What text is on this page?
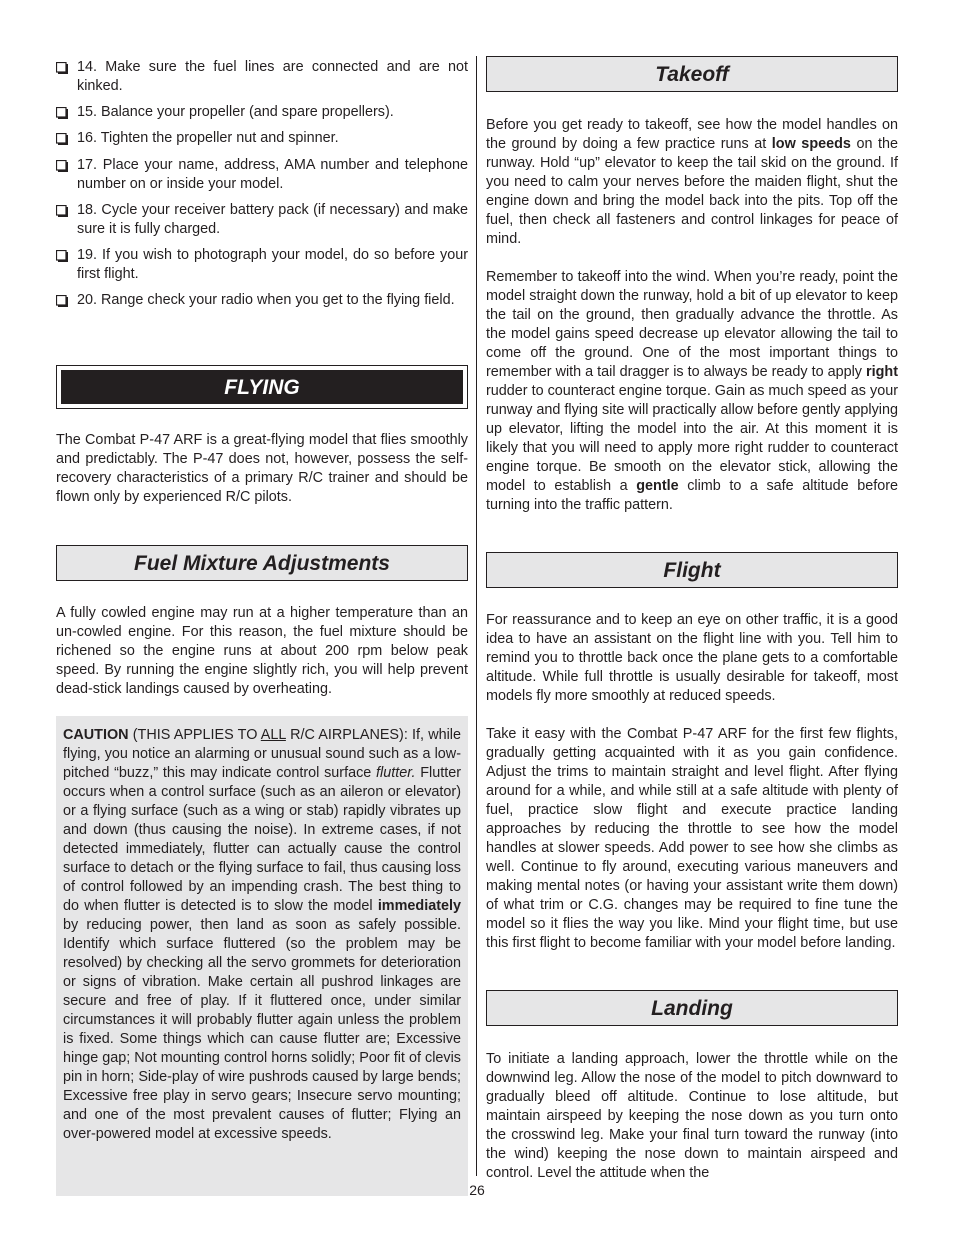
14. Make sure the fuel lines are connected and are not kinked.
15. Balance your propeller (and spare propellers).
16. Tighten the propeller nut and spinner.
17. Place your name, address, AMA number and telephone number on or inside your model.
18. Cycle your receiver battery pack (if necessary) and make sure it is fully charged.
19. If you wish to photograph your model, do so before your first flight.
20. Range check your radio when you get to the flying field.
FLYING

The Combat P-47 ARF is a great-flying model that flies smoothly and predictably. The P-47 does not, however, possess the self-recovery characteristics of a primary R/C trainer and should be flown only by experienced R/C pilots.

Fuel Mixture Adjustments

A fully cowled engine may run at a higher temperature than an un-cowled engine. For this reason, the fuel mixture should be richened so the engine runs at about 200 rpm below peak speed. By running the engine slightly rich, you will help prevent dead-stick landings caused by overheating.

CAUTION (THIS APPLIES TO ALL R/C AIRPLANES): If, while flying, you notice an alarming or unusual sound such as a low-pitched “buzz,” this may indicate control surface flutter. Flutter occurs when a control surface (such as an aileron or elevator) or a flying surface (such as a wing or stab) rapidly vibrates up and down (thus causing the noise). In extreme cases, if not detected immediately, flutter can actually cause the control surface to detach or the flying surface to fail, thus causing loss of control followed by an impending crash. The best thing to do when flutter is detected is to slow the model immediately by reducing power, then land as soon as safely possible. Identify which surface fluttered (so the problem may be resolved) by checking all the servo grommets for deterioration or signs of vibration. Make certain all pushrod linkages are secure and free of play. If it fluttered once, under similar circumstances it will probably flutter again unless the problem is fixed. Some things which can cause flutter are; Excessive hinge gap; Not mounting control horns solidly; Poor fit of clevis pin in horn; Side-play of wire pushrods caused by large bends; Excessive free play in servo gears; Insecure servo mounting; and one of the most prevalent causes of flutter; Flying an over-powered model at excessive speeds.

Takeoff

Before you get ready to takeoff, see how the model handles on the ground by doing a few practice runs at low speeds on the runway. Hold “up” elevator to keep the tail skid on the ground. If you need to calm your nerves before the maiden flight, shut the engine down and bring the model back into the pits. Top off the fuel, then check all fasteners and control linkages for peace of mind.

Remember to takeoff into the wind. When you’re ready, point the model straight down the runway, hold a bit of up elevator to keep the tail on the ground, then gradually advance the throttle. As the model gains speed decrease up elevator allowing the tail to come off the ground. One of the most important things to remember with a tail dragger is to always be ready to apply right rudder to counteract engine torque. Gain as much speed as your runway and flying site will practically allow before gently applying up elevator, lifting the model into the air. At this moment it is likely that you will need to apply more right rudder to counteract engine torque. Be smooth on the elevator stick, allowing the model to establish a gentle climb to a safe altitude before turning into the traffic pattern.

Flight

For reassurance and to keep an eye on other traffic, it is a good idea to have an assistant on the flight line with you. Tell him to remind you to throttle back once the plane gets to a comfortable altitude. While full throttle is usually desirable for takeoff, most models fly more smoothly at reduced speeds.

Take it easy with the Combat P-47 ARF for the first few flights, gradually getting acquainted with it as you gain confidence. Adjust the trims to maintain straight and level flight. After flying around for a while, and while still at a safe altitude with plenty of fuel, practice slow flight and execute practice landing approaches by reducing the throttle to see how the model handles at slower speeds. Add power to see how she climbs as well. Continue to fly around, executing various maneuvers and making mental notes (or having your assistant write them down) of what trim or C.G. changes may be required to fine tune the model so it flies the way you like. Mind your flight time, but use this first flight to become familiar with your model before landing.

Landing

To initiate a landing approach, lower the throttle while on the downwind leg. Allow the nose of the model to pitch downward to gradually bleed off altitude. Continue to lose altitude, but maintain airspeed by keeping the nose down as you turn onto the crosswind leg. Make your final turn toward the runway (into the wind) keeping the nose down to maintain airspeed and control. Level the attitude when the

26
